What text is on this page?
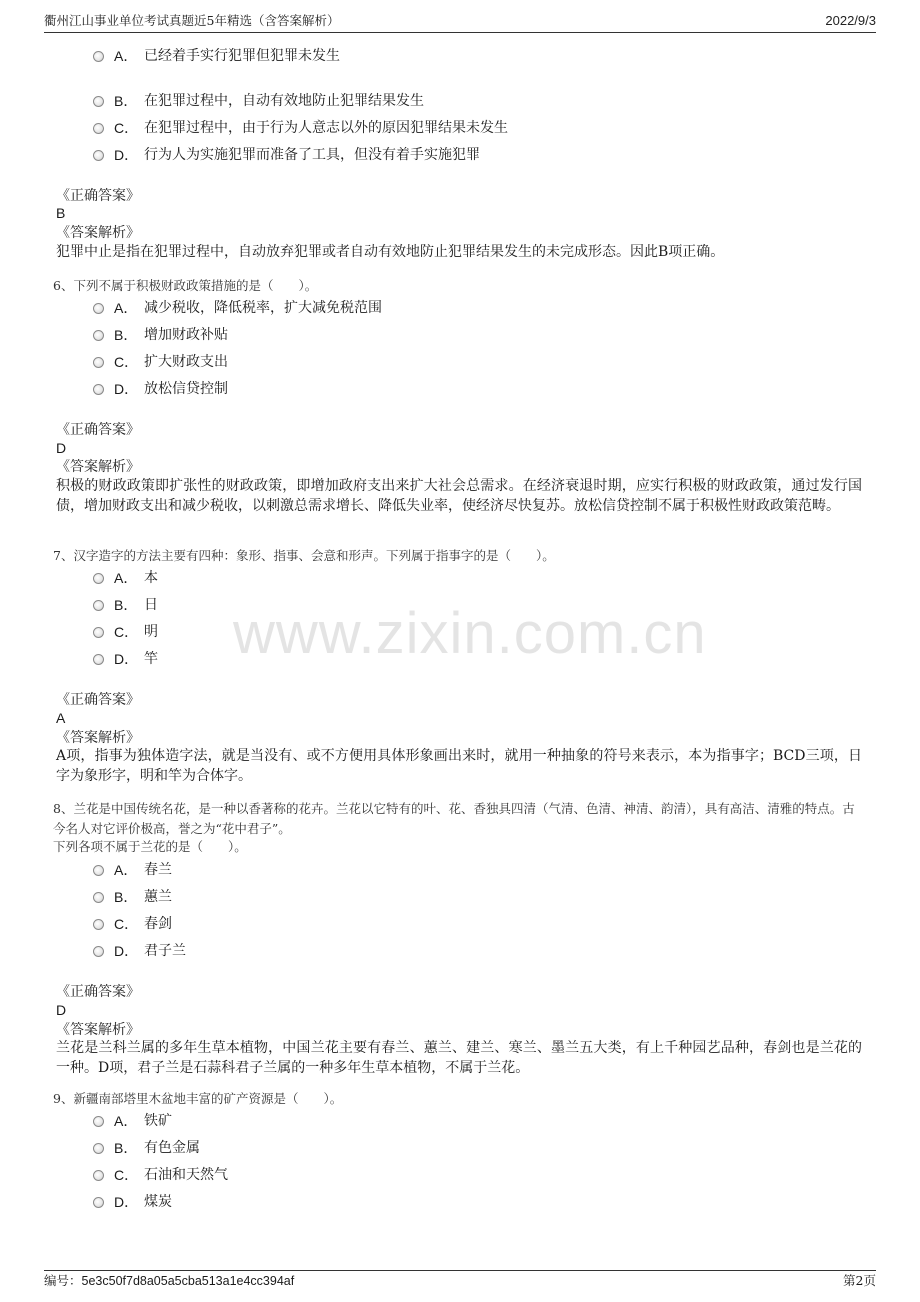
衢州江山事业单位考试真题近5年精选（含答案解析）	2022/9/3
www.zixin.com.cn
A． 已经着手实行犯罪但犯罪未发生
B． 在犯罪过程中，自动有效地防止犯罪结果发生
C． 在犯罪过程中，由于行为人意志以外的原因犯罪结果未发生
D． 行为人为实施犯罪而准备了工具，但没有着手实施犯罪
《正确答案》
B
《答案解析》
犯罪中止是指在犯罪过程中，自动放弃犯罪或者自动有效地防止犯罪结果发生的未完成形态。因此B项正确。
6、下列不属于积极财政政策措施的是（　　）。
A． 减少税收，降低税率，扩大减免税范围
B． 增加财政补贴
C． 扩大财政支出
D． 放松信贷控制
《正确答案》
D
《答案解析》
积极的财政政策即扩张性的财政政策，即增加政府支出来扩大社会总需求。在经济衰退时期，应实行积极的财政政策，通过发行国债，增加财政支出和减少税收，以刺激总需求增长、降低失业率，使经济尽快复苏。放松信贷控制不属于积极性财政政策范畴。
7、汉字造字的方法主要有四种：象形、指事、会意和形声。下列属于指事字的是（　　）。
A． 本
B． 日
C． 明
D． 竿
《正确答案》
A
《答案解析》
A项，指事为独体造字法，就是当没有、或不方便用具体形象画出来时，就用一种抽象的符号来表示，本为指事字；BCD三项，日字为象形字，明和竿为合体字。
8、兰花是中国传统名花，是一种以香著称的花卉。兰花以它特有的叶、花、香独具四清（气清、色清、神清、韵清），具有高洁、清雅的特点。古今名人对它评价极高，誉之为“花中君子”。
下列各项不属于兰花的是（　　）。
A． 春兰
B． 蕙兰
C． 春剑
D． 君子兰
《正确答案》
D
《答案解析》
兰花是兰科兰属的多年生草本植物，中国兰花主要有春兰、蕙兰、建兰、寒兰、墨兰五大类，有上千种园艺品种，春剑也是兰花的一种。D项，君子兰是石蒜科君子兰属的一种多年生草本植物，不属于兰花。
9、新疆南部塔里木盆地丰富的矿产资源是（　　）。
A． 铁矿
B． 有色金属
C． 石油和天然气
D． 煤炭
编号：5e3c50f7d8a05a5cba513a1e4cc394af	第2页
